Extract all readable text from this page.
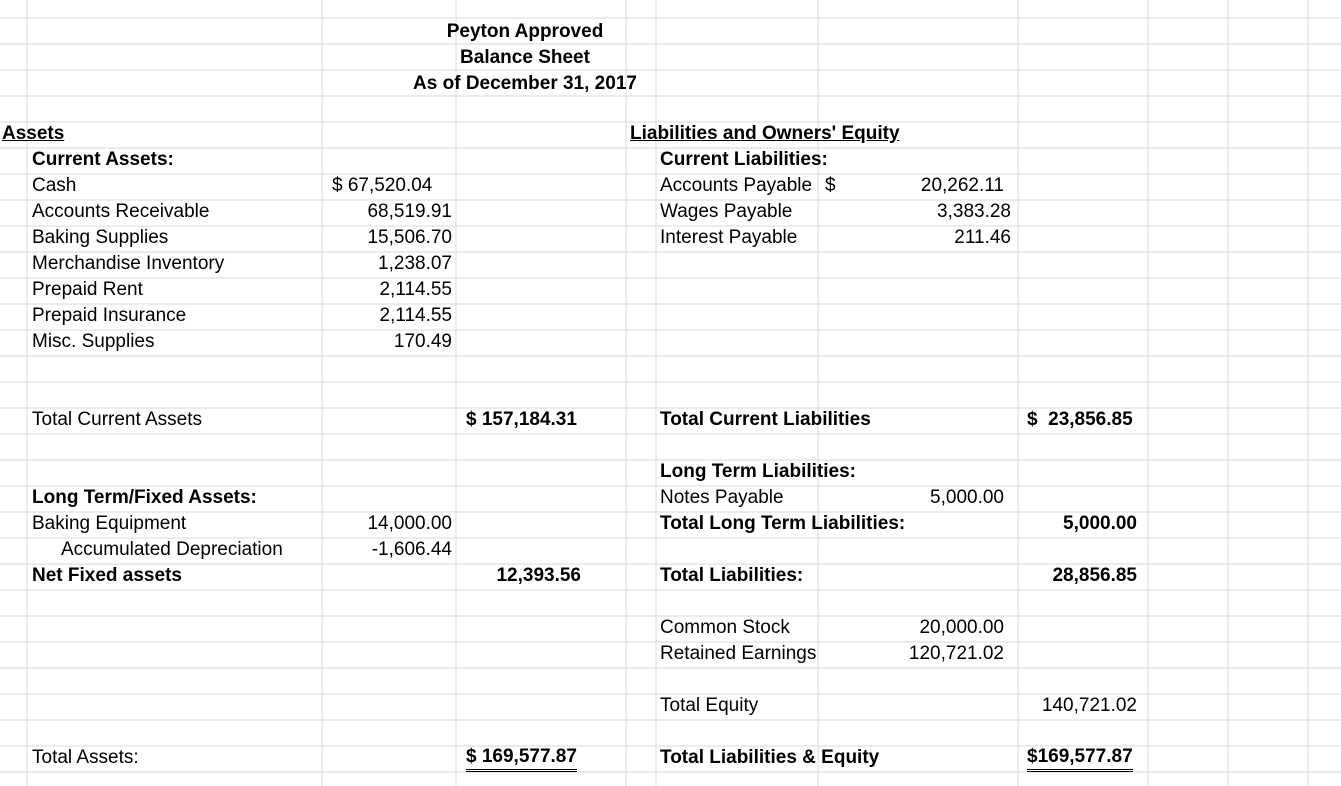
Peyton Approved
Balance Sheet
As of December 31, 2017
Assets
Current Assets:
Cash	$ 67,520.04
Accounts Receivable	68,519.91
Baking Supplies	15,506.70
Merchandise Inventory	1,238.07
Prepaid Rent	2,114.55
Prepaid Insurance	2,114.55
Misc. Supplies	170.49
Total Current Assets	$ 157,184.31
Long Term/Fixed Assets:
Baking Equipment	14,000.00
Accumulated Depreciation	-1,606.44
Net Fixed assets	12,393.56
Total Assets:	$ 169,577.87
Liabilities and Owners' Equity
Current Liabilities:
Accounts Payable $	20,262.11
Wages Payable	3,383.28
Interest Payable	211.46
Total Current Liabilities	$  23,856.85
Long Term Liabilities:
Notes Payable	5,000.00
Total Long Term Liabilities:	5,000.00
Total Liabilities:	28,856.85
Common Stock	20,000.00
Retained Earnings	120,721.02
Total Equity	140,721.02
Total Liabilities & Equity	$169,577.87
